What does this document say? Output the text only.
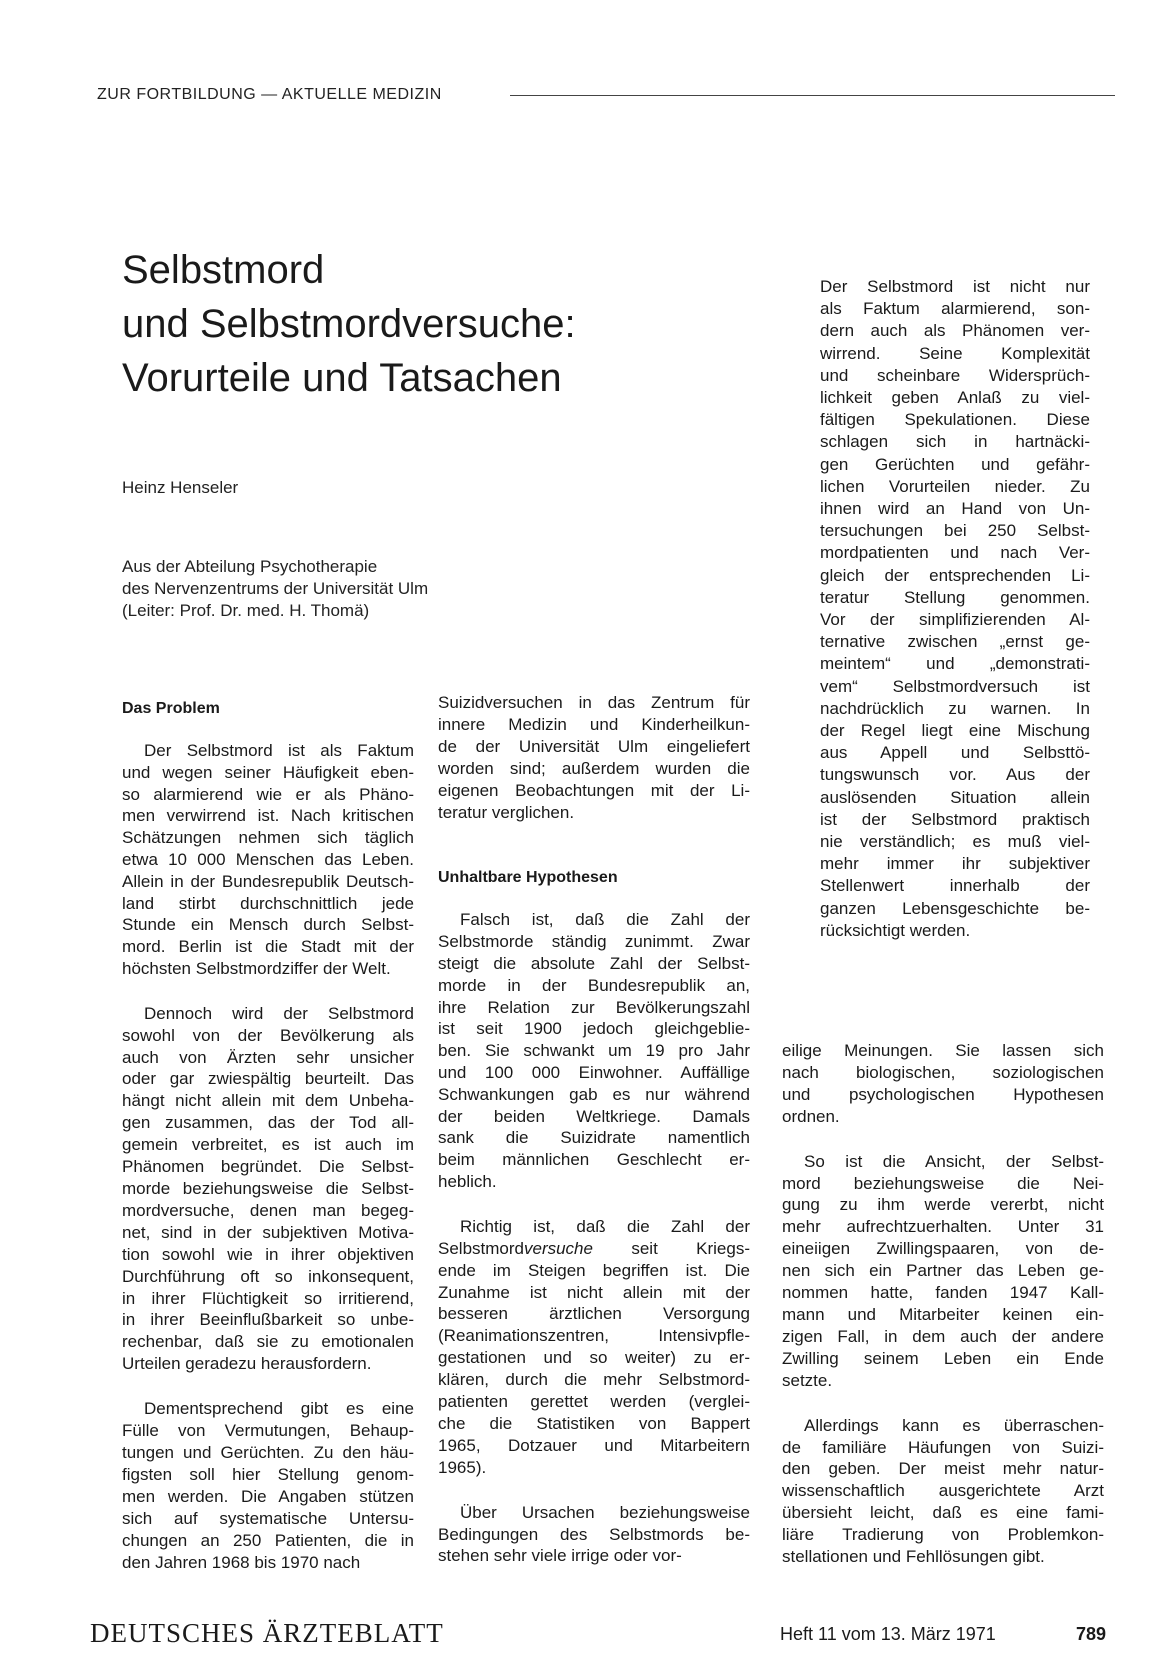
ZUR FORTBILDUNG — AKTUELLE MEDIZIN
Selbstmord
und Selbstmordversuche:
Vorurteile und Tatsachen
Heinz Henseler
Aus der Abteilung Psychotherapie
des Nervenzentrums der Universität Ulm
(Leiter: Prof. Dr. med. H. Thomä)
Der Selbstmord ist nicht nur
als Faktum alarmierend, son-
dern auch als Phänomen ver-
wirrend. Seine Komplexität
und scheinbare Widersprüch-
lichkeit geben Anlaß zu viel-
fältigen Spekulationen. Diese
schlagen sich in hartnäcki-
gen Gerüchten und gefähr-
lichen Vorurteilen nieder. Zu
ihnen wird an Hand von Un-
tersuchungen bei 250 Selbst-
mordpatienten und nach Ver-
gleich der entsprechenden Li-
teratur Stellung genommen.
Vor der simplifizierenden Al-
ternative zwischen „ernst ge-
meintem“ und „demonstrati-
vem“ Selbstmordversuch ist
nachdrücklich zu warnen. In
der Regel liegt eine Mischung
aus Appell und Selbsttö-
tungswunsch vor. Aus der
auslösenden Situation allein
ist der Selbstmord praktisch
nie verständlich; es muß viel-
mehr immer ihr subjektiver
Stellenwert innerhalb der
ganzen Lebensgeschichte be-
rücksichtigt werden.
Das Problem
Der Selbstmord ist als Faktum
und wegen seiner Häufigkeit eben-
so alarmierend wie er als Phäno-
men verwirrend ist. Nach kritischen
Schätzungen nehmen sich täglich
etwa 10 000 Menschen das Leben.
Allein in der Bundesrepublik Deutsch-
land stirbt durchschnittlich jede
Stunde ein Mensch durch Selbst-
mord. Berlin ist die Stadt mit der
höchsten Selbstmordziffer der Welt.
Dennoch wird der Selbstmord
sowohl von der Bevölkerung als
auch von Ärzten sehr unsicher
oder gar zwiespältig beurteilt. Das
hängt nicht allein mit dem Unbeha-
gen zusammen, das der Tod all-
gemein verbreitet, es ist auch im
Phänomen begründet. Die Selbst-
morde beziehungsweise die Selbst-
mordversuche, denen man begeg-
net, sind in der subjektiven Motiva-
tion sowohl wie in ihrer objektiven
Durchführung oft so inkonsequent,
in ihrer Flüchtigkeit so irritierend,
in ihrer Beeinflußbarkeit so unbe-
rechenbar, daß sie zu emotionalen
Urteilen geradezu herausfordern.
Dementsprechend gibt es eine
Fülle von Vermutungen, Behaup-
tungen und Gerüchten. Zu den häu-
figsten soll hier Stellung genom-
men werden. Die Angaben stützen
sich auf systematische Untersu-
chungen an 250 Patienten, die in
den Jahren 1968 bis 1970 nach
Suizidversuchen in das Zentrum für
innere Medizin und Kinderheilkun-
de der Universität Ulm eingeliefert
worden sind; außerdem wurden die
eigenen Beobachtungen mit der Li-
teratur verglichen.
Unhaltbare Hypothesen
Falsch ist, daß die Zahl der
Selbstmorde ständig zunimmt. Zwar
steigt die absolute Zahl der Selbst-
morde in der Bundesrepublik an,
ihre Relation zur Bevölkerungszahl
ist seit 1900 jedoch gleichgeblie-
ben. Sie schwankt um 19 pro Jahr
und 100 000 Einwohner. Auffällige
Schwankungen gab es nur während
der beiden Weltkriege. Damals
sank die Suizidrate namentlich
beim männlichen Geschlecht er-
heblich.
Richtig ist, daß die Zahl der
Selbstmordversuche seit Kriegs-
ende im Steigen begriffen ist. Die
Zunahme ist nicht allein mit der
besseren ärztlichen Versorgung
(Reanimationszentren, Intensivpfle-
gestationen und so weiter) zu er-
klären, durch die mehr Selbstmord-
patienten gerettet werden (verglei-
che die Statistiken von Bappert
1965, Dotzauer und Mitarbeitern
1965).
Über Ursachen beziehungsweise
Bedingungen des Selbstmords be-
stehen sehr viele irrige oder vor-
eilige Meinungen. Sie lassen sich
nach biologischen, soziologischen
und psychologischen Hypothesen
ordnen.
So ist die Ansicht, der Selbst-
mord beziehungsweise die Nei-
gung zu ihm werde vererbt, nicht
mehr aufrechtzuerhalten. Unter 31
eineiigen Zwillingspaaren, von de-
nen sich ein Partner das Leben ge-
nommen hatte, fanden 1947 Kall-
mann und Mitarbeiter keinen ein-
zigen Fall, in dem auch der andere
Zwilling seinem Leben ein Ende
setzte.
Allerdings kann es überraschen-
de familiäre Häufungen von Suizi-
den geben. Der meist mehr natur-
wissenschaftlich ausgerichtete Arzt
übersieht leicht, daß es eine fami-
liäre Tradierung von Problemkon-
stellationen und Fehllösungen gibt.
DEUTSCHES ÄRZTEBLATT	Heft 11 vom 13. März 1971	789
